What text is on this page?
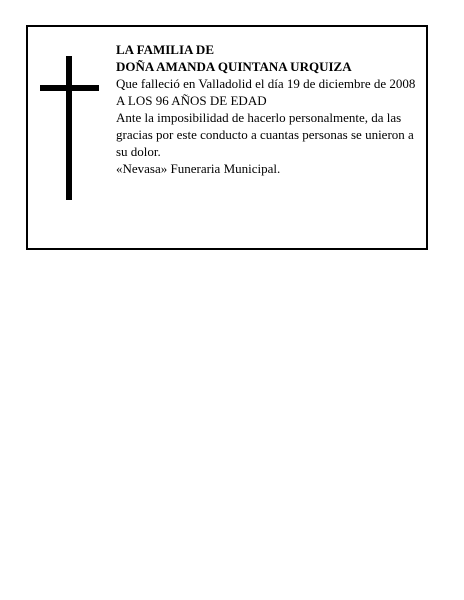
LA FAMILIA DE
DOÑA AMANDA QUINTANA URQUIZA
Que falleció en Valladolid el día 19 de diciembre de 2008
A LOS 96 AÑOS DE EDAD
Ante la imposibilidad de hacerlo personalmente, da las gracias por este conducto a cuantas personas se unieron a su dolor.
«Nevasa» Funeraria Municipal.
